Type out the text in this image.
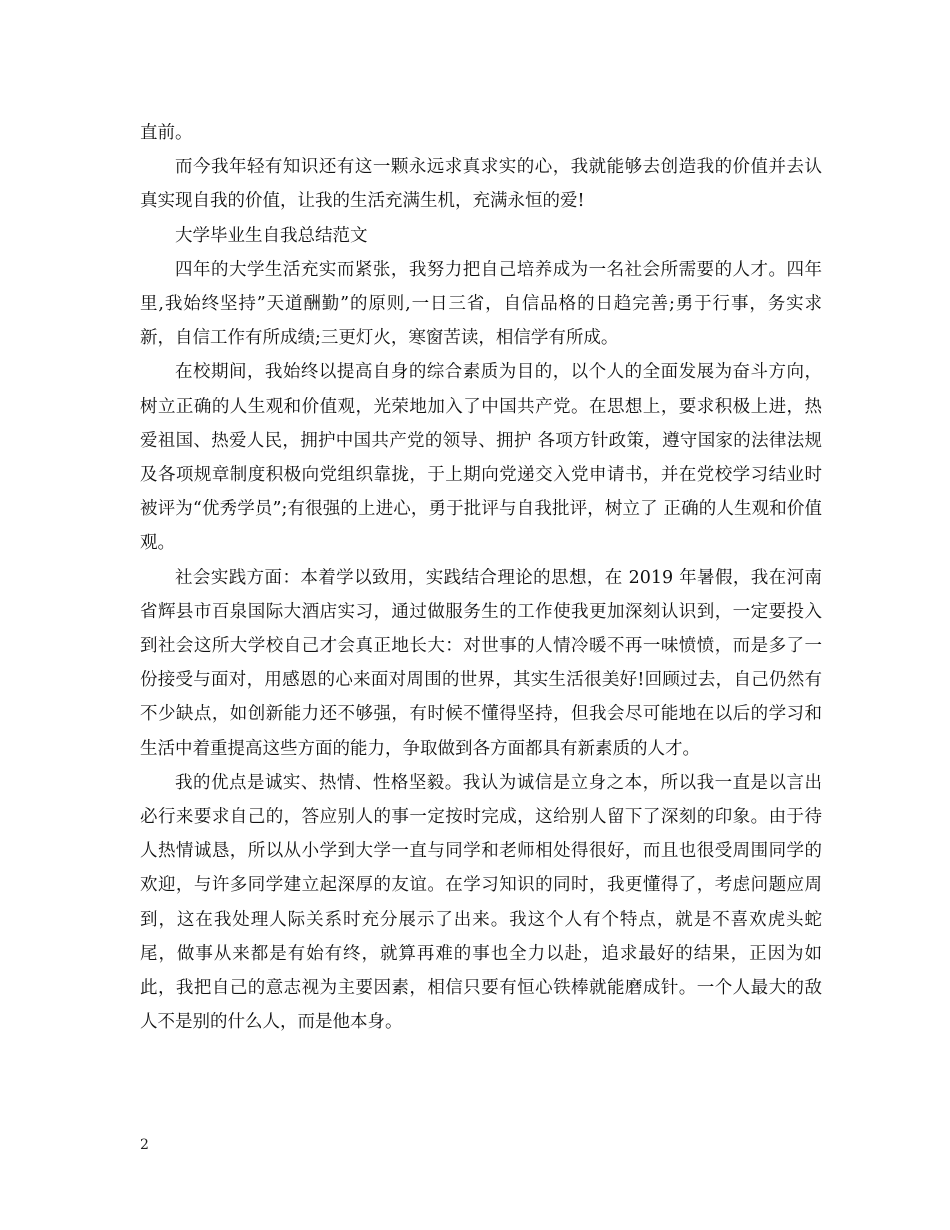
直前。

而今我年轻有知识还有这一颗永远求真求实的心，我就能够去创造我的价值并去认真实现自我的价值，让我的生活充满生机，充满永恒的爱!

大学毕业生自我总结范文

四年的大学生活充实而紧张，我努力把自己培养成为一名社会所需要的人才。四年里,我始终坚持”天道酬勤”的原则,一日三省，自信品格的日趋完善;勇于行事，务实求新，自信工作有所成绩;三更灯火，寒窗苦读，相信学有所成。

在校期间，我始终以提高自身的综合素质为目的，以个人的全面发展为奋斗方向，树立正确的人生观和价值观，光荣地加入了中国共产党。在思想上，要求积极上进，热爱祖国、热爱人民，拥护中国共产党的领导、拥护 各项方针政策，遵守国家的法律法规及各项规章制度积极向党组织靠拢，于上期向党递交入党申请书，并在党校学习结业时被评为“优秀学员”;有很强的上进心，勇于批评与自我批评，树立了 正确的人生观和价值观。

社会实践方面：本着学以致用，实践结合理论的思想，在 2019 年暑假，我在河南省辉县市百泉国际大酒店实习，通过做服务生的工作使我更加深刻认识到，一定要投入到社会这所大学校自己才会真正地长大：对世事的人情冷暖不再一味愤愤，而是多了一份接受与面对，用感恩的心来面对周围的世界，其实生活很美好!回顾过去，自己仍然有不少缺点，如创新能力还不够强，有时候不懂得坚持，但我会尽可能地在以后的学习和生活中着重提高这些方面的能力，争取做到各方面都具有新素质的人才。

我的优点是诚实、热情、性格坚毅。我认为诚信是立身之本，所以我一直是以言出必行来要求自己的，答应别人的事一定按时完成，这给别人留下了深刻的印象。由于待人热情诚恳，所以从小学到大学一直与同学和老师相处得很好，而且也很受周围同学的欢迎，与许多同学建立起深厚的友谊。在学习知识的同时，我更懂得了，考虑问题应周到，这在我处理人际关系时充分展示了出来。我这个人有个特点，就是不喜欢虎头蛇尾，做事从来都是有始有终，就算再难的事也全力以赴，追求最好的结果，正因为如此，我把自己的意志视为主要因素，相信只要有恒心铁棒就能磨成针。一个人最大的敌人不是别的什么人，而是他本身。

2
